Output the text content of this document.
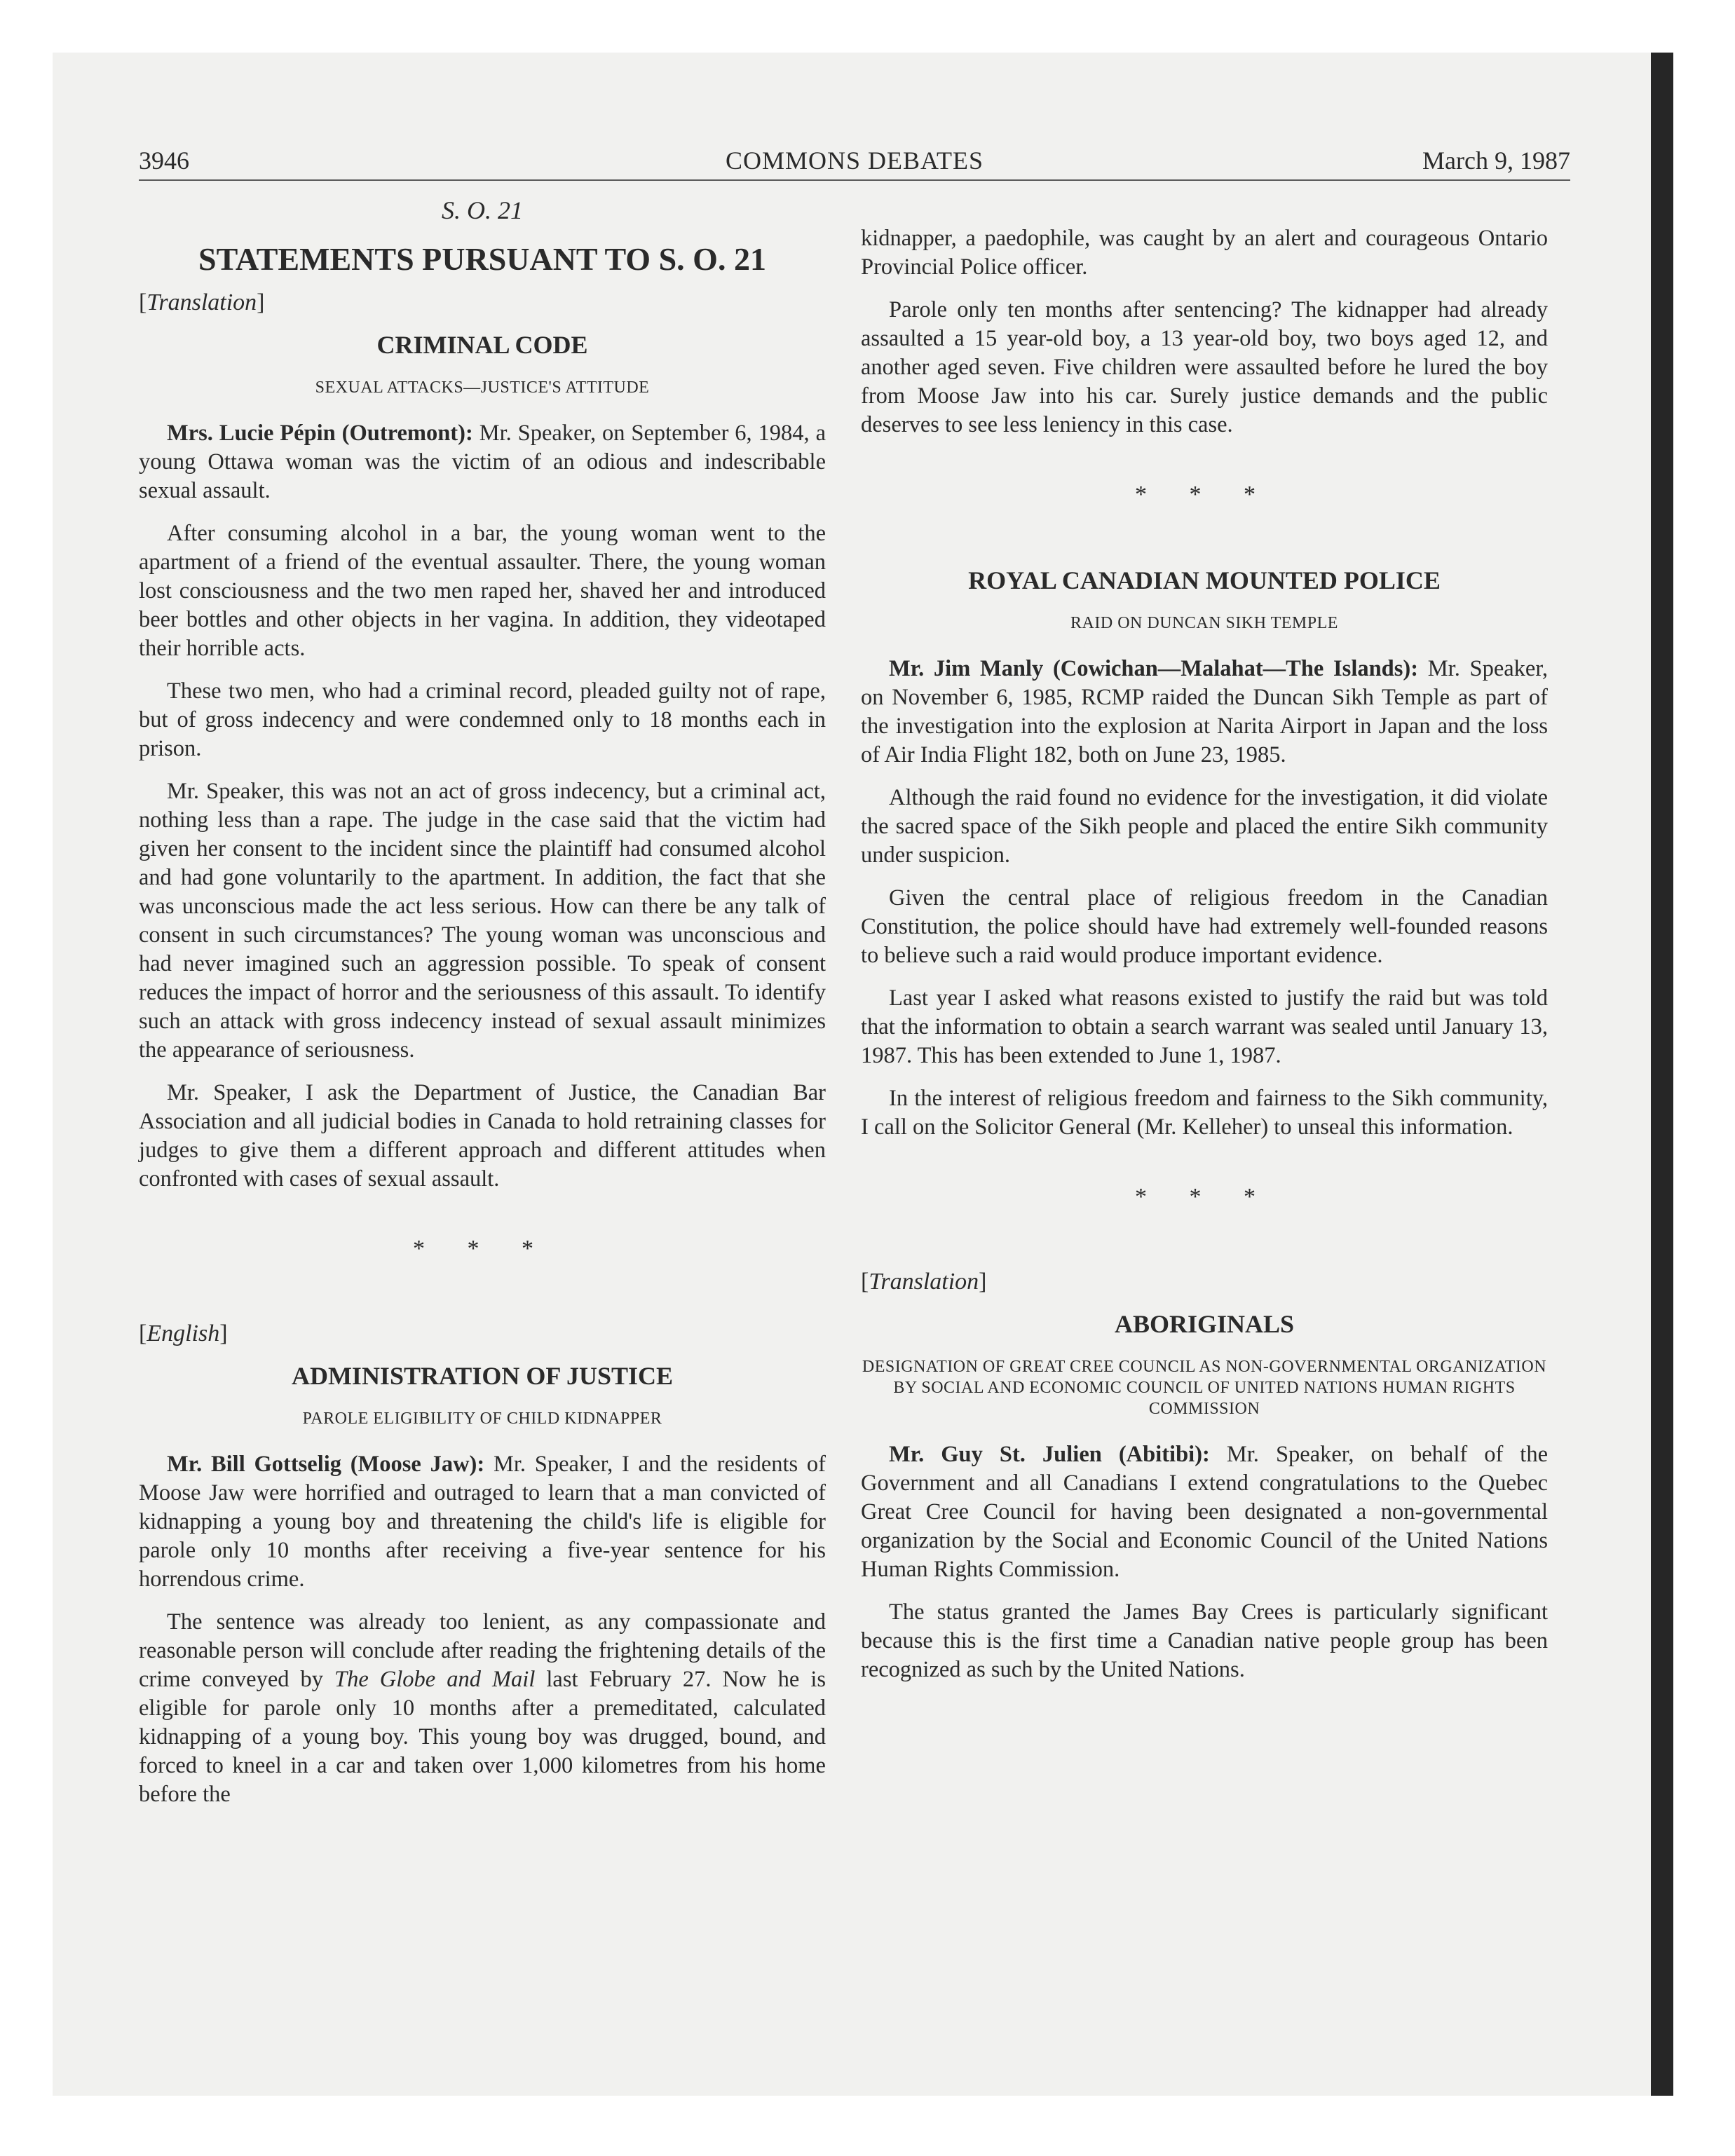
3946	COMMONS DEBATES	March 9, 1987
S. O. 21
STATEMENTS PURSUANT TO S. O. 21
[Translation]
CRIMINAL CODE
SEXUAL ATTACKS—JUSTICE'S ATTITUDE

Mrs. Lucie Pépin (Outremont): Mr. Speaker, on September 6, 1984, a young Ottawa woman was the victim of an odious and indescribable sexual assault.

After consuming alcohol in a bar, the young woman went to the apartment of a friend of the eventual assaulter. There, the young woman lost consciousness and the two men raped her, shaved her and introduced beer bottles and other objects in her vagina. In addition, they videotaped their horrible acts.

These two men, who had a criminal record, pleaded guilty not of rape, but of gross indecency and were condemned only to 18 months each in prison.

Mr. Speaker, this was not an act of gross indecency, but a criminal act, nothing less than a rape. The judge in the case said that the victim had given her consent to the incident since the plaintiff had consumed alcohol and had gone voluntarily to the apartment. In addition, the fact that she was unconscious made the act less serious. How can there be any talk of consent in such circumstances? The young woman was unconscious and had never imagined such an aggression possible. To speak of consent reduces the impact of horror and the seriousness of this assault. To identify such an attack with gross indecency instead of sexual assault minimizes the appearance of seriousness.

Mr. Speaker, I ask the Department of Justice, the Canadian Bar Association and all judicial bodies in Canada to hold retraining classes for judges to give them a different approach and different attitudes when confronted with cases of sexual assault.

* * *
[English]
ADMINISTRATION OF JUSTICE
PAROLE ELIGIBILITY OF CHILD KIDNAPPER

Mr. Bill Gottselig (Moose Jaw): Mr. Speaker, I and the residents of Moose Jaw were horrified and outraged to learn that a man convicted of kidnapping a young boy and threatening the child's life is eligible for parole only 10 months after receiving a five-year sentence for his horrendous crime.

The sentence was already too lenient, as any compassionate and reasonable person will conclude after reading the frightening details of the crime conveyed by The Globe and Mail last February 27. Now he is eligible for parole only 10 months after a premeditated, calculated kidnapping of a young boy. This young boy was drugged, bound, and forced to kneel in a car and taken over 1,000 kilometres from his home before the

kidnapper, a paedophile, was caught by an alert and courageous Ontario Provincial Police officer.

Parole only ten months after sentencing? The kidnapper had already assaulted a 15 year-old boy, a 13 year-old boy, two boys aged 12, and another aged seven. Five children were assaulted before he lured the boy from Moose Jaw into his car. Surely justice demands and the public deserves to see less leniency in this case.

* * *
ROYAL CANADIAN MOUNTED POLICE
RAID ON DUNCAN SIKH TEMPLE

Mr. Jim Manly (Cowichan—Malahat—The Islands): Mr. Speaker, on November 6, 1985, RCMP raided the Duncan Sikh Temple as part of the investigation into the explosion at Narita Airport in Japan and the loss of Air India Flight 182, both on June 23, 1985.

Although the raid found no evidence for the investigation, it did violate the sacred space of the Sikh people and placed the entire Sikh community under suspicion.

Given the central place of religious freedom in the Canadian Constitution, the police should have had extremely well-founded reasons to believe such a raid would produce important evidence.

Last year I asked what reasons existed to justify the raid but was told that the information to obtain a search warrant was sealed until January 13, 1987. This has been extended to June 1, 1987.

In the interest of religious freedom and fairness to the Sikh community, I call on the Solicitor General (Mr. Kelleher) to unseal this information.

* * *
[Translation]
ABORIGINALS
DESIGNATION OF GREAT CREE COUNCIL AS NON-GOVERNMENTAL ORGANIZATION BY SOCIAL AND ECONOMIC COUNCIL OF UNITED NATIONS HUMAN RIGHTS COMMISSION

Mr. Guy St. Julien (Abitibi): Mr. Speaker, on behalf of the Government and all Canadians I extend congratulations to the Quebec Great Cree Council for having been designated a non-governmental organization by the Social and Economic Council of the United Nations Human Rights Commission.

The status granted the James Bay Crees is particularly significant because this is the first time a Canadian native people group has been recognized as such by the United Nations.
